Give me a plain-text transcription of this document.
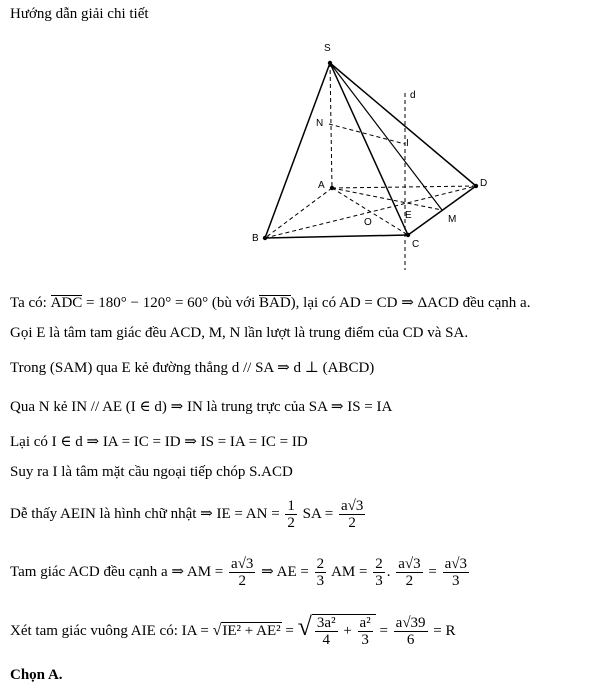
Hướng dẫn giải chi tiết
S
d
N
I
A	D
E
O	M
B
C
Ta có: ADC = 180° − 120° = 60° (bù với BAD), lại có AD = CD ⇒ ΔACD đều cạnh a.
Gọi E là tâm tam giác đều ACD, M, N lần lượt là trung điểm của CD và SA.
Trong (SAM) qua E kẻ đường thẳng d // SA ⇒ d ⊥ (ABCD)
Qua N kẻ IN // AE (I ∈ d) ⇒ IN là trung trực của SA ⇒ IS = IA
Lại có I ∈ d ⇒ IA = IC = ID ⇒ IS = IA = IC = ID
Suy ra I là tâm mặt cầu ngoại tiếp chóp S.ACD
Dễ thấy AEIN là hình chữ nhật ⇒ IE = AN = $\frac{1}{2}$ SA = $\frac{a√3}{2}$
Tam giác ACD đều cạnh a ⇒ AM = $\frac{a√3}{2}$ ⇒ AE = $\frac{2}{3}$ AM = $\frac{2}{3}$ . $\frac{a√3}{2} = \frac{a√3}{3}$
Xét tam giác vuông AIE có: IA = √IE² + AE² = √ $\frac{\text{3a²}}{4} + \frac{\text{a²}}{3} = \frac{a√39}{6} = R$
Chọn A.
